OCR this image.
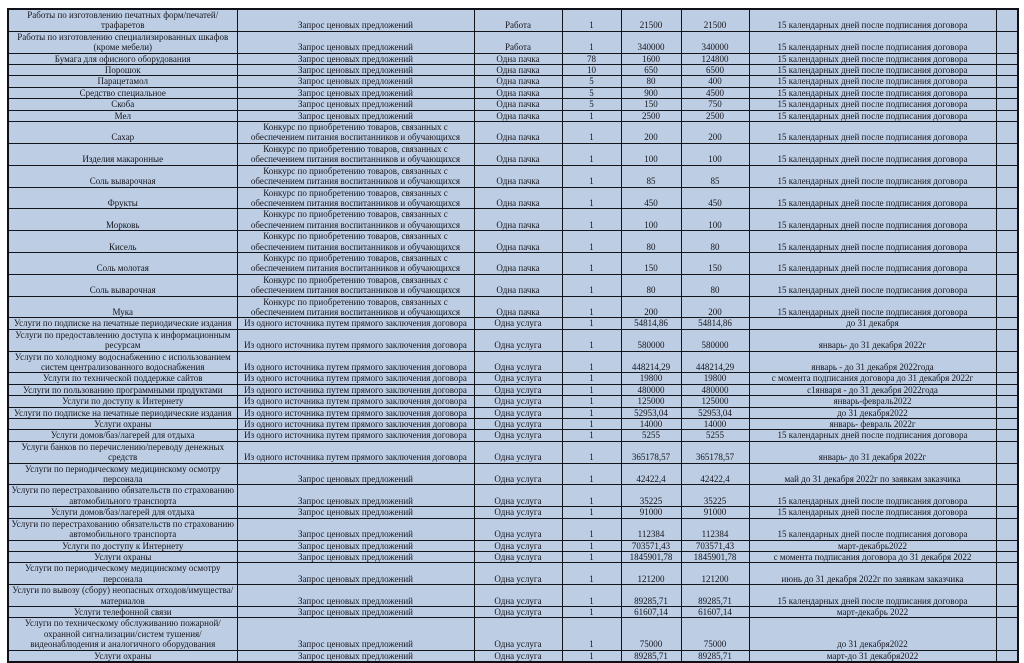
Работы по изготовлению печатных форм/печатей/трафаретов	Запрос ценовых предложений	Работа	1	21500	21500	15 календарных дней после подписания договора	
Работы по изготовлению специализированных шкафов (кроме мебели)	Запрос ценовых предложений	Работа	1	340000	340000	15 календарных дней после подписания договора	
Бумага для офисного оборудования	Запрос ценовых предложений	Одна пачка	78	1600	124800	15 календарных дней после подписания договора	
Порошок	Запрос ценовых предложений	Одна пачка	10	650	6500	15 календарных дней после подписания договора	
Парацетамол	Запрос ценовых предложений	Одна пачка	5	80	400	15 календарных дней после подписания договора	
Средство специальное	Запрос ценовых предложений	Одна пачка	5	900	4500	15 календарных дней после подписания договора	
Скоба	Запрос ценовых предложений	Одна пачка	5	150	750	15 календарных дней после подписания договора	
Мел	Запрос ценовых предложений	Одна пачка	1	2500	2500	15 календарных дней после подписания договора	
Сахар	Конкурс по приобретению товаров, связанных с обеспечением питания воспитанников и обучающихся	Одна пачка	1	200	200	15 календарных дней после подписания договора	
Изделия макаронные	Конкурс по приобретению товаров, связанных с обеспечением питания воспитанников и обучающихся	Одна пачка	1	100	100	15 календарных дней после подписания договора	
Соль выварочная	Конкурс по приобретению товаров, связанных с обеспечением питания воспитанников и обучающихся	Одна пачка	1	85	85	15 календарных дней после подписания договора	
Фрукты	Конкурс по приобретению товаров, связанных с обеспечением питания воспитанников и обучающихся	Одна пачка	1	450	450	15 календарных дней после подписания договора	
Морковь	Конкурс по приобретению товаров, связанных с обеспечением питания воспитанников и обучающихся	Одна пачка	1	100	100	15 календарных дней после подписания договора	
Кисель	Конкурс по приобретению товаров, связанных с обеспечением питания воспитанников и обучающихся	Одна пачка	1	80	80	15 календарных дней после подписания договора	
Соль молотая	Конкурс по приобретению товаров, связанных с обеспечением питания воспитанников и обучающихся	Одна пачка	1	150	150	15 календарных дней после подписания договора	
Соль выварочная	Конкурс по приобретению товаров, связанных с обеспечением питания воспитанников и обучающихся	Одна пачка	1	80	80	15 календарных дней после подписания договора	
Мука	Конкурс по приобретению товаров, связанных с обеспечением питания воспитанников и обучающихся	Одна пачка	1	200	200	15 календарных дней после подписания договора	
Услуги по подписке на печатные периодические издания	Из одного источника путем прямого заключения договора	Одна услуга	1	54814,86	54814,86	до 31 декабря	
Услуги по предоставлению доступа к информационным ресурсам	Из одного источника путем прямого заключения договора	Одна услуга	1	580000	580000	январь- до 31 декабря 2022г	
Услуги по холодному водоснабжению с использованием систем централизованного водоснабжения	Из одного источника путем прямого заключения договора	Одна услуга	1	448214,29	448214,29	январь - до 31 декабря 2022года	
Услуги по технической поддержке сайтов	Из одного источника путем прямого заключения договора	Одна услуга	1	19800	19800	с момента подписания договора до 31 декабря 2022г	
Услуги по пользованию программными продуктами	Из одного источника путем прямого заключения договора	Одна услуга	1	480000	480000	с1января - до 31 декабря 2022года	
Услуги по доступу к Интернету	Из одного источника путем прямого заключения договора	Одна услуга	1	125000	125000	январь-февраль2022	
Услуги по подписке на печатные периодические издания	Из одного источника путем прямого заключения договора	Одна услуга	1	52953,04	52953,04	до 31 декабря2022	
Услуги охраны	Из одного источника путем прямого заключения договора	Одна услуга	1	14000	14000	январь- февраль 2022г	
Услуги домов/баз/лагерей для отдыха	Из одного источника путем прямого заключения договора	Одна услуга	1	5255	5255	15 календарных дней после подписания договора	
Услуги банков по перечислению/переводу денежных средств	Из одного источника путем прямого заключения договора	Одна услуга	1	365178,57	365178,57	январь- до 31 декабря 2022г	
Услуги по периодическому медицинскому осмотру персонала	Запрос ценовых предложений	Одна услуга	1	42422,4	42422,4	май до 31 декабря 2022г по заявкам заказчика	
Услуги по перестрахованию обязательств по страхованию автомобильного транспорта	Запрос ценовых предложений	Одна услуга	1	35225	35225	15 календарных дней после подписания договора	
Услуги домов/баз/лагерей для отдыха	Запрос ценовых предложений	Одна услуга	1	91000	91000	15 календарных дней после подписания договора	
Услуги по перестрахованию обязательств по страхованию автомобильного транспорта	Запрос ценовых предложений	Одна услуга	1	112384	112384	15 календарных дней после подписания договора	
Услуги по доступу к Интернету	Запрос ценовых предложений	Одна услуга	1	703571,43	703571,43	март-декабрь2022	
Услуги охраны	Запрос ценовых предложений	Одна услуга	1	1845901,78	1845901,78	с момента подписания договора до 31 декабря 2022	
Услуги по периодическому медицинскому осмотру персонала	Запрос ценовых предложений	Одна услуга	1	121200	121200	июнь до 31 декабря 2022г по заявкам заказчика	
Услуги по вывозу (сбору) неопасных отходов/имущества/материалов	Запрос ценовых предложений	Одна услуга	1	89285,71	89285,71	15 календарных дней после подписания договора	
Услуги телефонной связи	Запрос ценовых предложений	Одна услуга	1	61607,14	61607,14	март-декабрь 2022	
Услуги по техническому обслуживанию пожарной/охранной сигнализации/систем тушения/видеонаблюдения и аналогичного оборудования	Запрос ценовых предложений	Одна услуга	1	75000	75000	до 31 декабря2022	
Услуги охраны	Запрос ценовых предложений	Одна услуга	1	89285,71	89285,71	март-до 31 декабря2022	
